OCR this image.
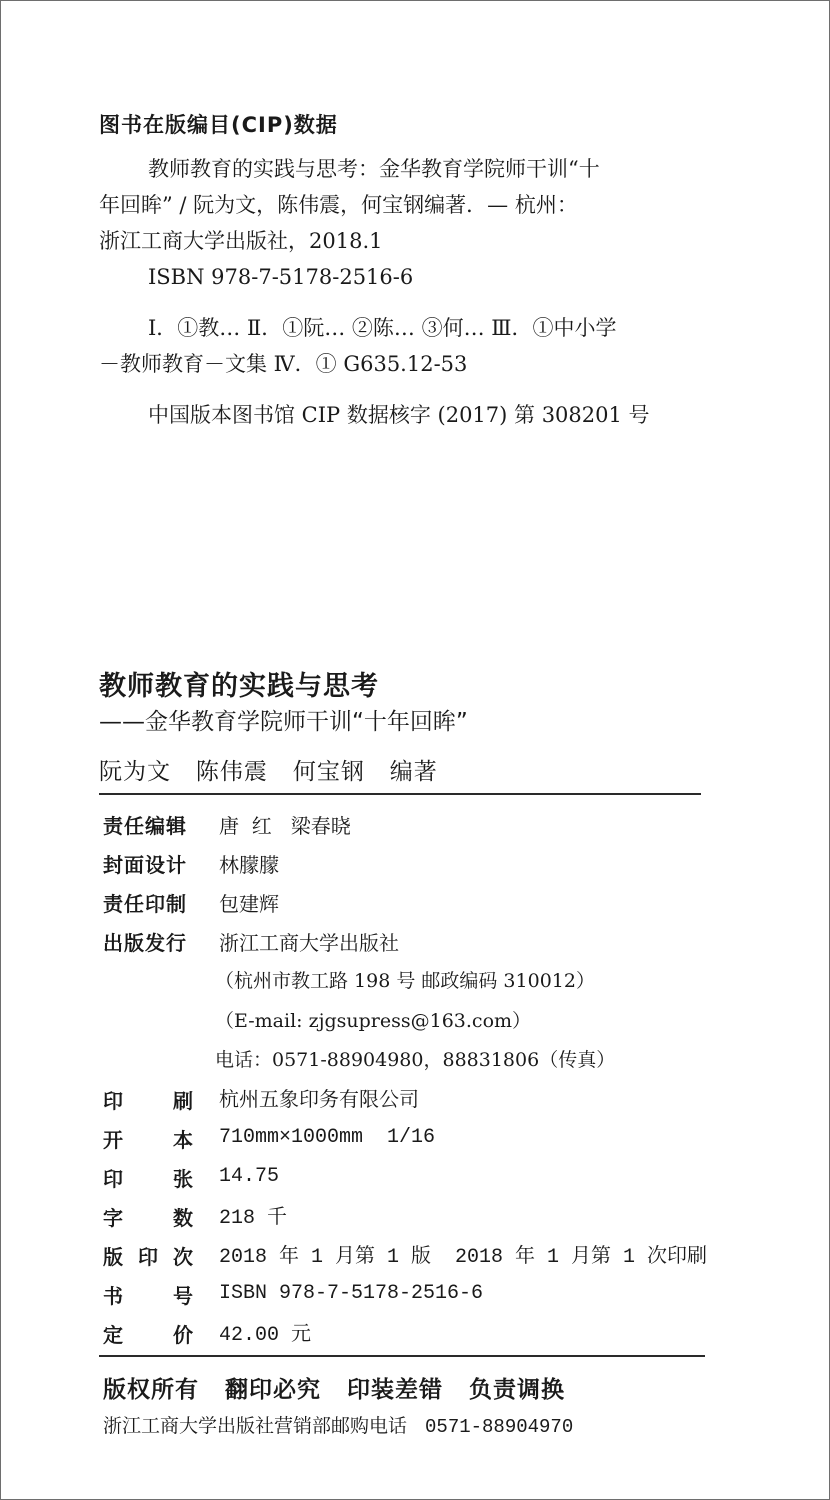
图书在版编目(CIP)数据
教师教育的实践与思考：金华教育学院师干训“十
年回眸” / 阮为文，陈伟震，何宝钢编著．— 杭州：
浙江工商大学出版社，2018.1
ISBN 978-7-5178-2516-6
Ⅰ．①教… Ⅱ．①阮… ②陈… ③何… Ⅲ．①中小学
－教师教育－文集 Ⅳ．① G635.12-53
中国版本图书馆 CIP 数据核字 (2017) 第 308201 号
教师教育的实践与思考
——金华教育学院师干训“十年回眸”
阮为文   陈伟震   何宝钢   编著
责任编辑	唐  红   梁春晓
封面设计	林朦朦
责任印制	包建辉
出版发行	浙江工商大学出版社
（杭州市教工路 198 号 邮政编码 310012）
（E-mail: zjgsupress@163.com）
电话：0571-88904980，88831806（传真）
印	刷 杭州五象印务有限公司
开	本 710mm×1000mm  1/16
印	张 14.75
字	数 218 千
版 印 次 2018 年 1 月第 1 版  2018 年 1 月第 1 次印刷
书	号 ISBN 978-7-5178-2516-6
定	价 42.00 元
版权所有 翻印必究 印装差错 负责调换
浙江工商大学出版社营销部邮购电话 0571-88904970
